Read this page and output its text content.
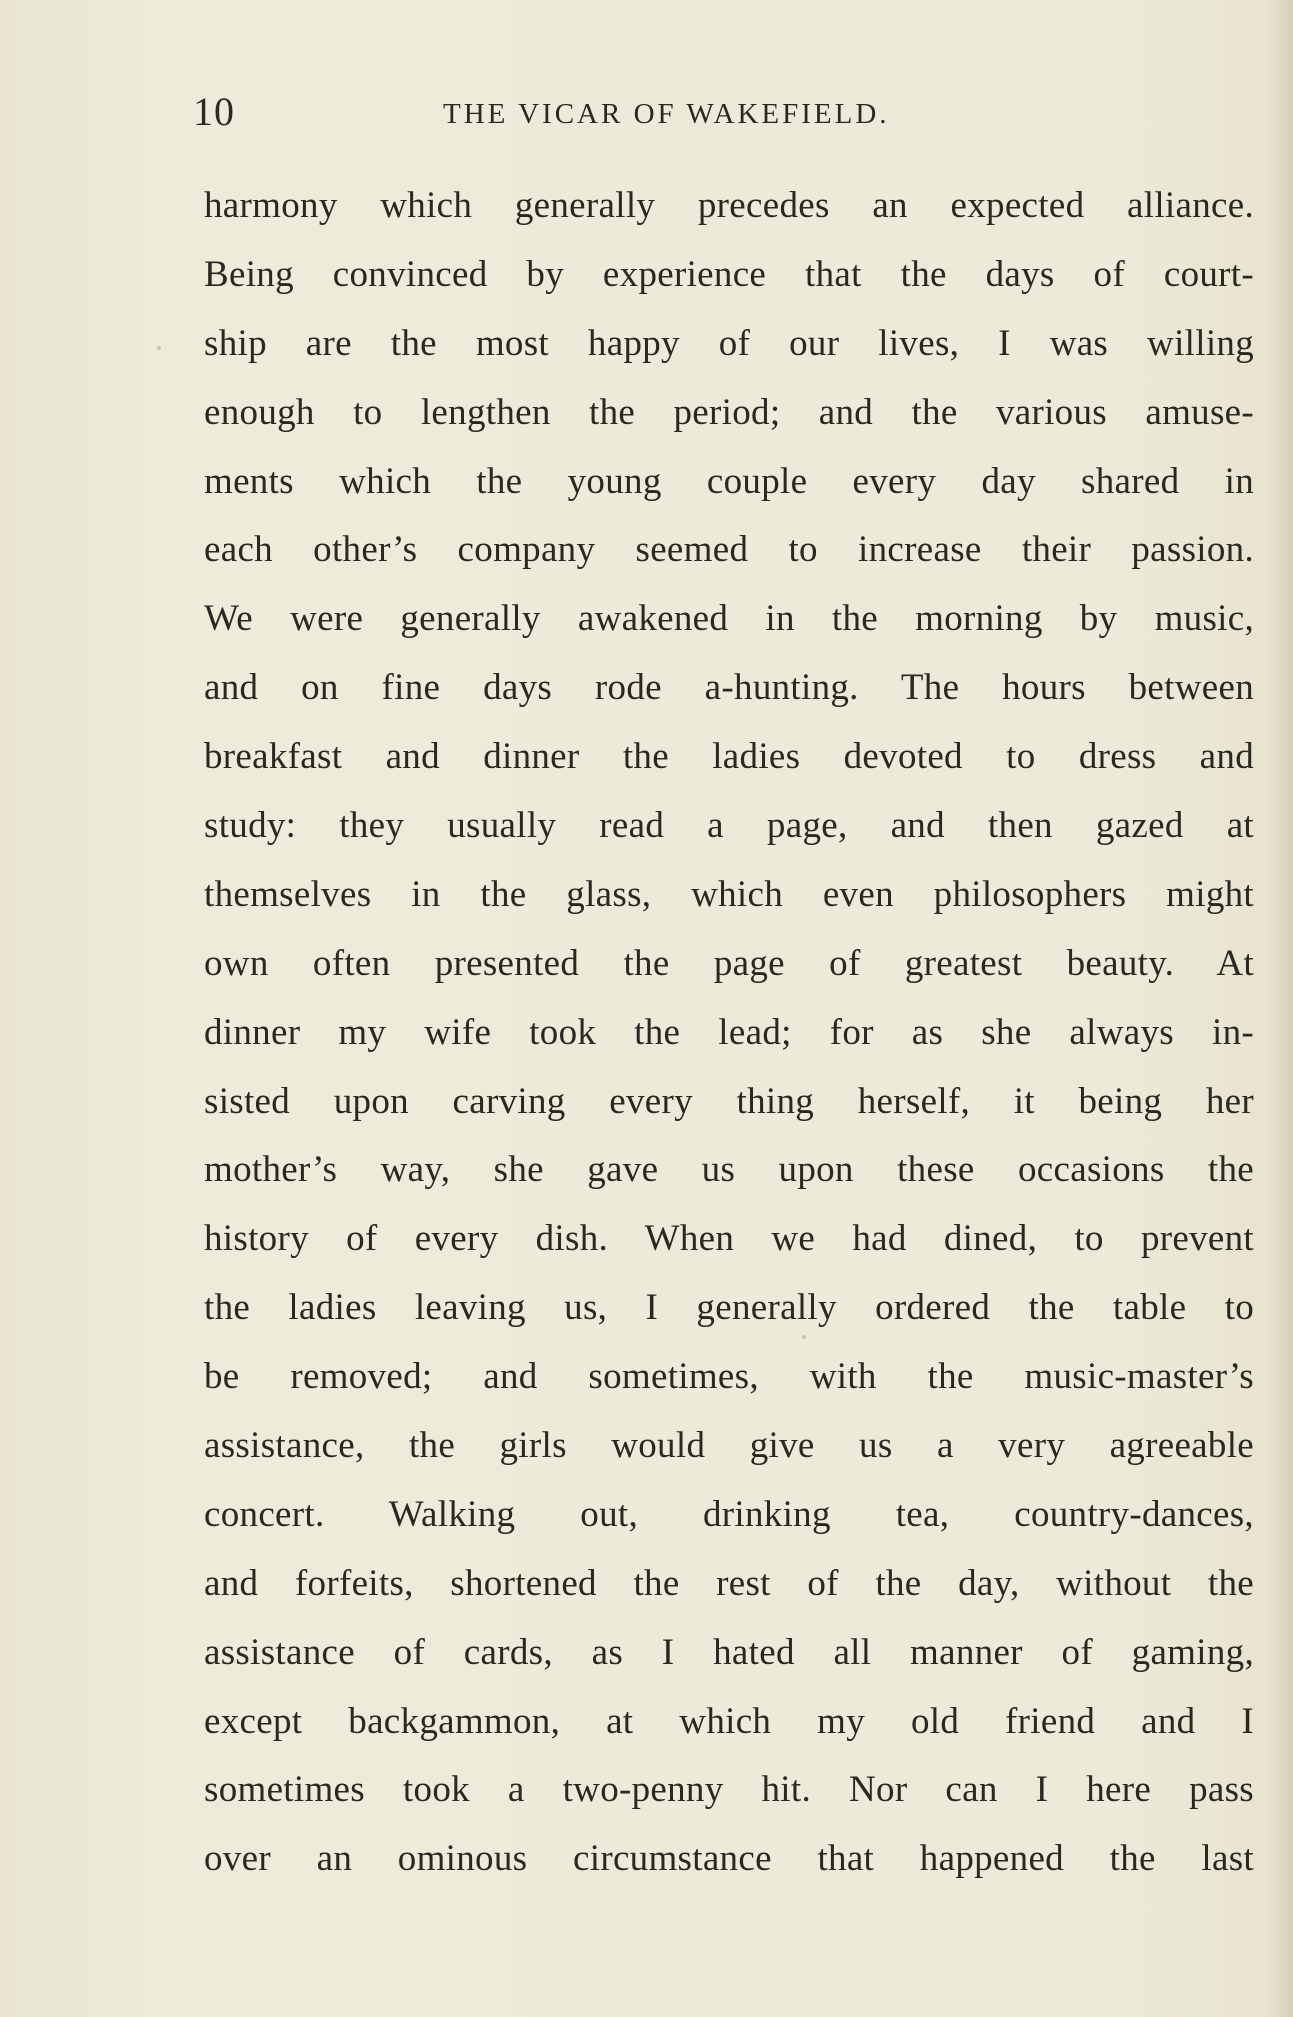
10	THE VICAR OF WAKEFIELD.
harmony which generally precedes an expected alliance.
Being convinced by experience that the days of court-
ship are the most happy of our lives, I was willing
enough to lengthen the period; and the various amuse-
ments which the young couple every day shared in
each other’s company seemed to increase their passion.
We were generally awakened in the morning by music,
and on fine days rode a-hunting. The hours between
breakfast and dinner the ladies devoted to dress and
study: they usually read a page, and then gazed at
themselves in the glass, which even philosophers might
own often presented the page of greatest beauty. At
dinner my wife took the lead; for as she always in-
sisted upon carving every thing herself, it being her
mother’s way, she gave us upon these occasions the
history of every dish. When we had dined, to prevent
the ladies leaving us, I generally ordered the table to
be removed; and sometimes, with the music-master’s
assistance, the girls would give us a very agreeable
concert. Walking out, drinking tea, country-dances,
and forfeits, shortened the rest of the day, without the
assistance of cards, as I hated all manner of gaming,
except backgammon, at which my old friend and I
sometimes took a two-penny hit. Nor can I here pass
over an ominous circumstance that happened the last
